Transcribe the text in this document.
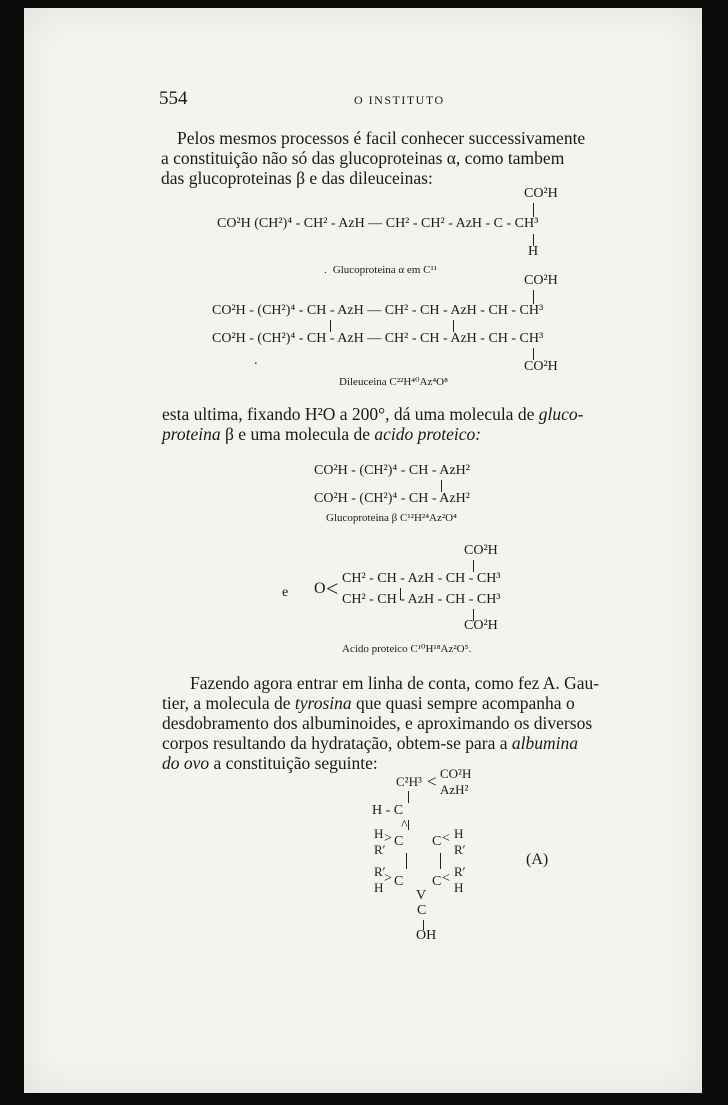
554	O INSTITUTO
Pelos mesmos processos é facil conhecer successivamente
a constituição não só das glucoproteinas α, como tambem
das glucoproteinas β e das dileuceinas:
CO²H
CO²H (CH²)⁴ - CH² - AzH — CH² - CH² - AzH - C - CH³
H
. Glucoproteina α em C¹¹
CO²H
CO²H - (CH²)⁴ - CH - AzH — CH² - CH - AzH - CH - CH³
CO²H - (CH²)⁴ - CH - AzH — CH² - CH - AzH - CH - CH³
.	CO²H
Dileuceina C²²H⁴⁰Az⁴O⁸
esta ultima, fixando H²O a 200°, dá uma molecula de gluco-
proteina β e uma molecula de acido proteico:
CO²H - (CH²)⁴ - CH - AzH²
CO²H - (CH²)⁴ - CH - AzH²
Glucoproteina β C¹²H²⁴Az²O⁴
CO²H
e O < CH² - CH - AzH - CH - CH³
CH² - CH - AzH - CH - CH³
CO²H
Acido proteico C¹⁰H¹⁸Az²O⁵.
Fazendo agora entrar em linha de conta, como fez A. Gau-
tier, a molecula de tyrosina que quasi sempre acompanha o
desdobramento dos albuminoides, e aproximando os diversos
corpos resultando da hydratação, obtem-se para a albumina
do ovo a constituição seguinte:
C²H³ < CO²H
AzH²
H - C
^
H
R′
> C C < H
R′
R′
H
> C C < R′
H
V
C
OH
(A)
